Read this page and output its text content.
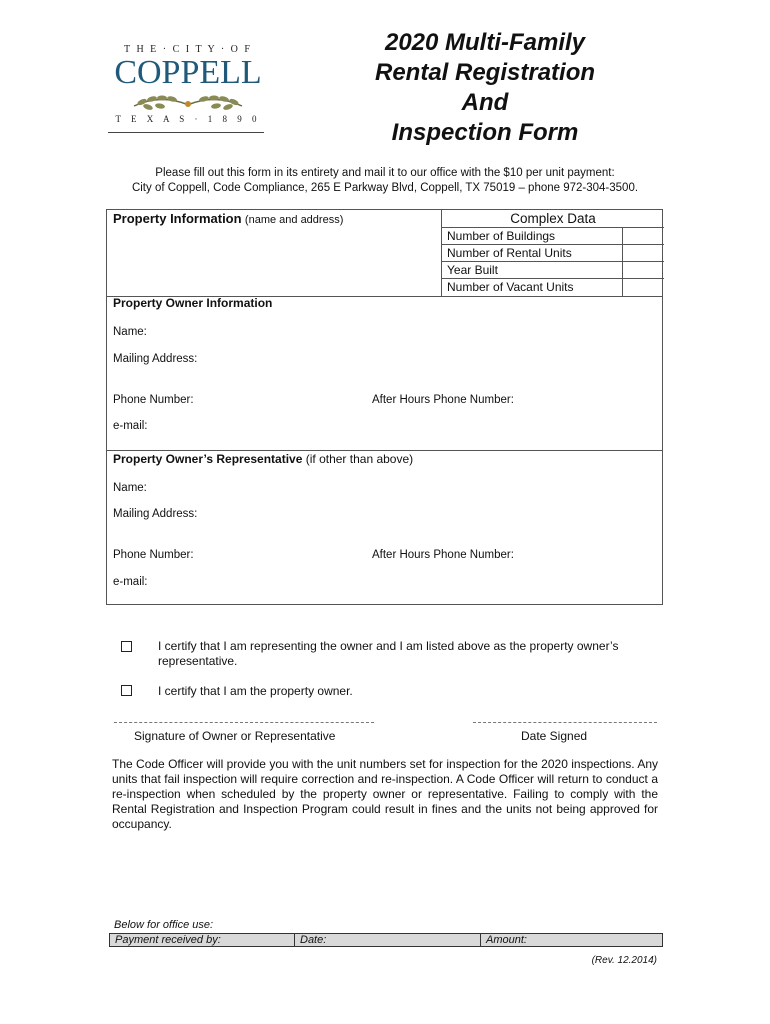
T H E · C I T Y · O F
COPPELL
T E X A S · 1 8 9 0
2020 Multi-Family
Rental Registration
And
Inspection Form
Please fill out this form in its entirety and mail it to our office with the $10 per unit payment:
City of Coppell, Code Compliance, 265 E Parkway Blvd, Coppell, TX 75019 – phone 972-304-3500.
Property Information (name and address)	Complex Data
Number of Buildings
Number of Rental Units
Year Built
Number of Vacant Units
Property Owner Information
Name:
Mailing Address:
Phone Number:	After Hours Phone Number:
e-mail:
Property Owner’s Representative (if other than above)
Name:
Mailing Address:
Phone Number:	After Hours Phone Number:
e-mail:
I certify that I am representing the owner and I am listed above as the property owner’s representative.
I certify that I am the property owner.
Signature of Owner or Representative	Date Signed
The Code Officer will provide you with the unit numbers set for inspection for the 2020 inspections. Any units that fail inspection will require correction and re-inspection. A Code Officer will return to conduct a re-inspection when scheduled by the property owner or representative. Failing to comply with the Rental Registration and Inspection Program could result in fines and the units not being approved for occupancy.
Below for office use:
Payment received by:	Date:	Amount:
(Rev. 12.2014)
